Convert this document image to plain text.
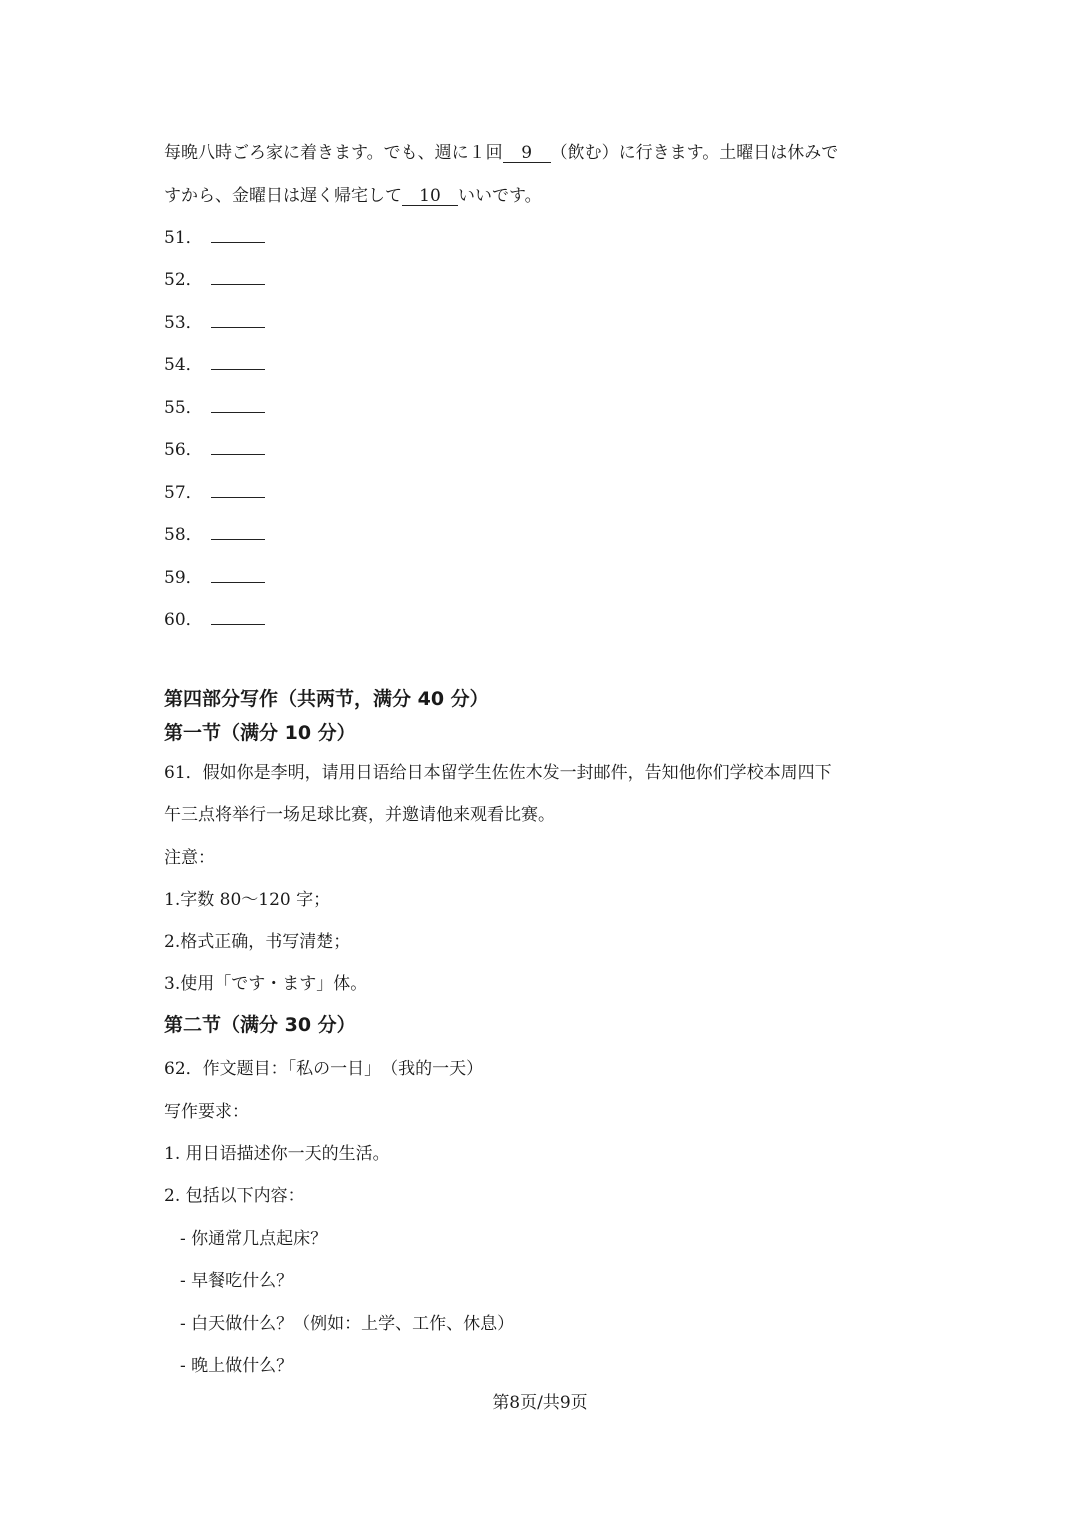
每晩八時ごろ家に着きます。でも、週に１回 9 （飲む）に行きます。土曜日は休みで
すから、金曜日は遅く帰宅して 10 いいです。
51．
52．
53．
54．
55．
56．
57．
58．
59．
60．
第四部分写作（共两节，满分 40 分）
第一节（满分 10 分）
61．假如你是李明，请用日语给日本留学生佐佐木发一封邮件，告知他你们学校本周四下
午三点将举行一场足球比赛，并邀请他来观看比赛。
注意：
1.字数 80～120 字；
2.格式正确，书写清楚；
3.使用「です・ます」体。
第二节（满分 30 分）
62．作文题目：「私の一日」　（我的一天）
写作要求：
1. 用日语描述你一天的生活。
2. 包括以下内容：
- 你通常几点起床？
- 早餐吃什么？
- 白天做什么？（例如：上学、工作、休息）
- 晚上做什么？
第8页/共9页
